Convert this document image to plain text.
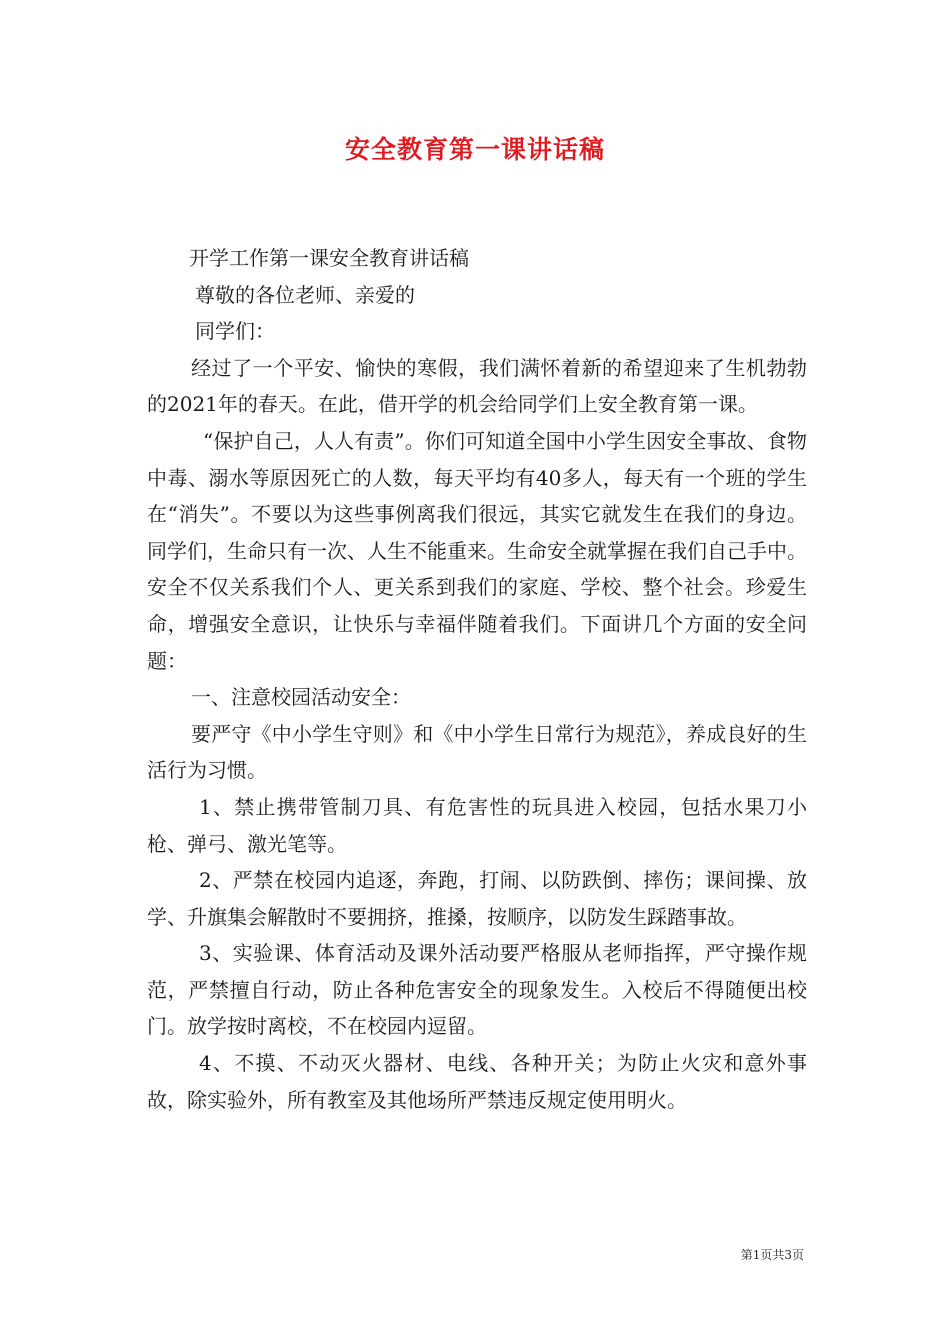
安全教育第一课讲话稿

开学工作第一课安全教育讲话稿

尊敬的各位老师、亲爱的

同学们：

经过了一个平安、愉快的寒假，我们满怀着新的希望迎来了生机勃勃的2021年的春天。在此，借开学的机会给同学们上安全教育第一课。

“保护自己，人人有责”。你们可知道全国中小学生因安全事故、食物中毒、溺水等原因死亡的人数，每天平均有40多人，每天有一个班的学生在“消失”。不要以为这些事例离我们很远，其实它就发生在我们的身边。同学们，生命只有一次、人生不能重来。生命安全就掌握在我们自己手中。安全不仅关系我们个人、更关系到我们的家庭、学校、整个社会。珍爱生命，增强安全意识，让快乐与幸福伴随着我们。下面讲几个方面的安全问题：

一、注意校园活动安全：

要严守《中小学生守则》和《中小学生日常行为规范》，养成良好的生活行为习惯。

1、禁止携带管制刀具、有危害性的玩具进入校园，包括水果刀小枪、弹弓、激光笔等。

2、严禁在校园内追逐，奔跑，打闹、以防跌倒、摔伤；课间操、放学、升旗集会解散时不要拥挤，推搡，按顺序，以防发生踩踏事故。

3、实验课、体育活动及课外活动要严格服从老师指挥，严守操作规范，严禁擅自行动，防止各种危害安全的现象发生。入校后不得随便出校门。放学按时离校，不在校园内逗留。

4、不摸、不动灭火器材、电线、各种开关；为防止火灾和意外事故，除实验外，所有教室及其他场所严禁违反规定使用明火。

第1页共3页
